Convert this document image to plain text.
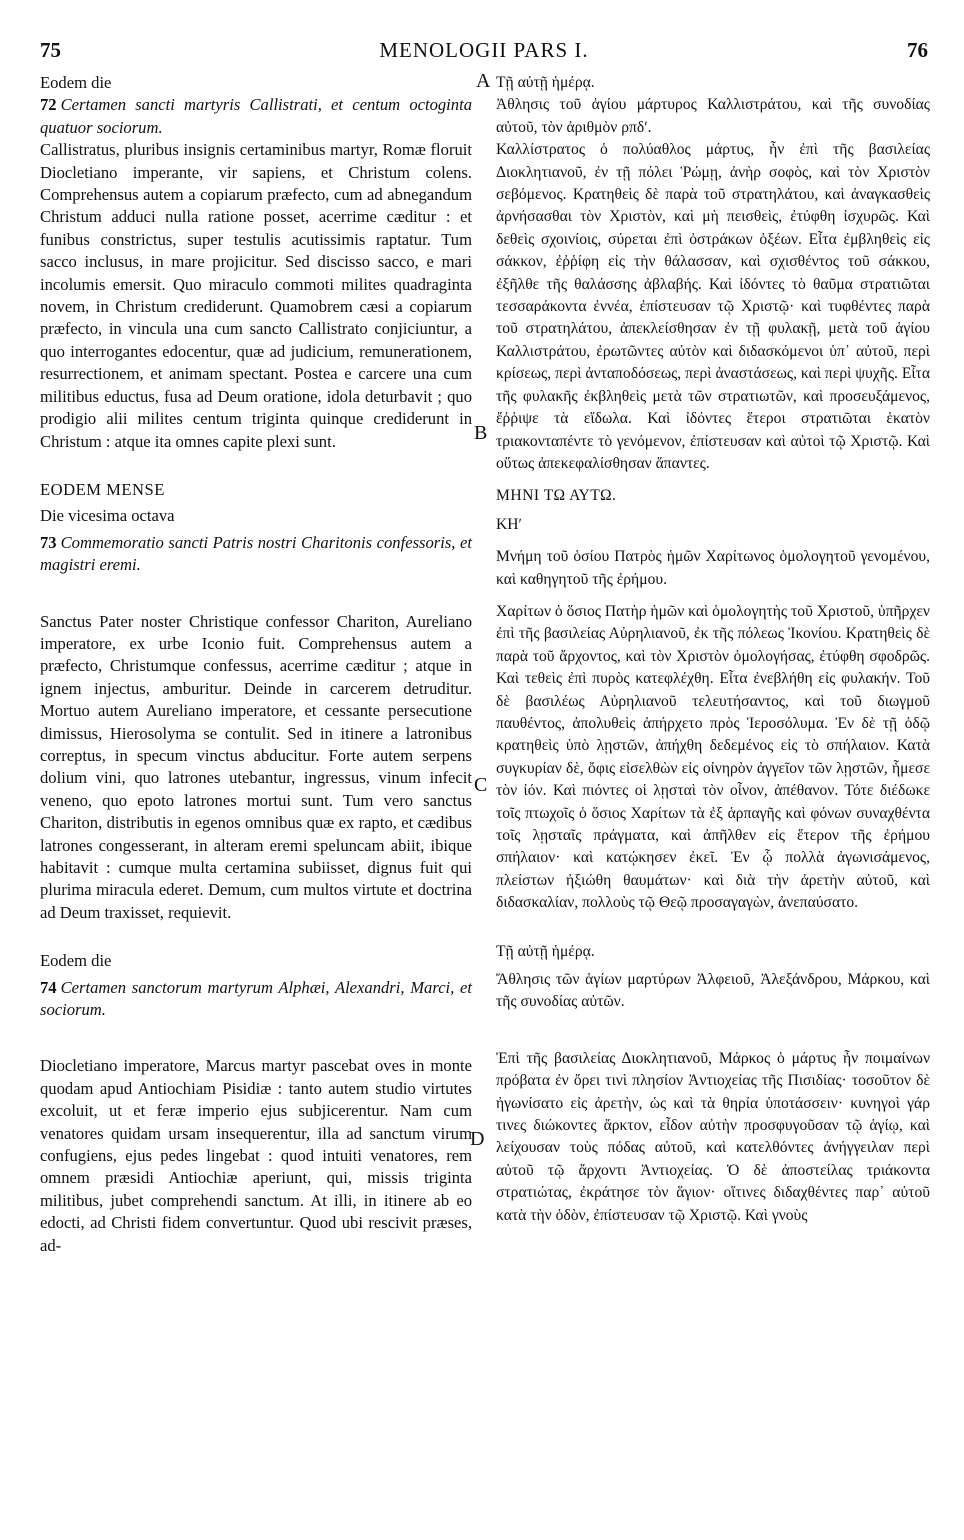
75	MENOLOGII PARS I.	76
A
B
C
D

Eodem die

72 Certamen sancti martyris Callistrati, et centum octoginta quatuor sociorum.

Callistratus, pluribus insignis certaminibus martyr, Romæ floruit Diocletiano imperante, vir sapiens, et Christum colens. Comprehensus autem a copiarum præfecto, cum ad abnegandum Christum adduci nulla ratione posset, acerrime cæditur : et funibus constrictus, super testulis acutissimis raptatur. Tum sacco inclusus, in mare projicitur. Sed discisso sacco, e mari incolumis emersit. Quo miraculo commoti milites quadraginta novem, in Christum crediderunt. Quamobrem cæsi a copiarum præfecto, in vincula una cum sancto Callistrato conjiciuntur, a quo interrogantes edocentur, quæ ad judicium, remunerationem, resurrectionem, et animam spectant. Postea e carcere una cum militibus eductus, fusa ad Deum oratione, idola deturbavit ; quo prodigio alii milites centum triginta quinque crediderunt in Christum : atque ita omnes capite plexi sunt.

EODEM MENSE

Die vicesima octava

73 Commemoratio sancti Patris nostri Charitonis confessoris, et magistri eremi.

Sanctus Pater noster Christique confessor Chariton, Aureliano imperatore, ex urbe Iconio fuit. Comprehensus autem a præfecto, Christumque confessus, acerrime cæditur ; atque in ignem injectus, amburitur. Deinde in carcerem detruditur. Mortuo autem Aureliano imperatore, et cessante persecutione dimissus, Hierosolyma se contulit. Sed in itinere a latronibus correptus, in specum vinctus abducitur. Forte autem serpens dolium vini, quo latrones utebantur, ingressus, vinum infecit veneno, quo epoto latrones mortui sunt. Tum vero sanctus Chariton, distributis in egenos omnibus quæ ex rapto, et cædibus latrones congesserant, in alteram eremi speluncam abiit, ibique habitavit : cumque multa certamina subiisset, dignus fuit qui plurima miracula ederet. Demum, cum multos virtute et doctrina ad Deum traxisset, requievit.

Eodem die

74 Certamen sanctorum martyrum Alphæi, Alexandri, Marci, et sociorum.

Diocletiano imperatore, Marcus martyr pascebat oves in monte quodam apud Antiochiam Pisidiæ : tanto autem studio virtutes excoluit, ut et feræ imperio ejus subjicerentur. Nam cum venatores quidam ursam insequerentur, illa ad sanctum virum confugiens, ejus pedes lingebat : quod intuiti venatores, rem omnem præsidi Antiochiæ aperiunt, qui, missis triginta militibus, jubet comprehendi sanctum. At illi, in itinere ab eo edocti, ad Christi fidem convertuntur. Quod ubi rescivit præses, ad-

Τῇ αὐτῇ ἡμέρᾳ.

Ἀθλησις τοῦ ἁγίου μάρτυρος Καλλιστράτου, καὶ τῆς συνοδίας αὐτοῦ, τὸν ἀριθμὸν ρπδʹ.

Καλλίστρατος ὁ πολύαθλος μάρτυς, ἦν ἐπὶ τῆς βασιλείας Διοκλητιανοῦ, ἐν τῇ πόλει Ῥώμῃ, ἀνὴρ σοφὸς, καὶ τὸν Χριστὸν σεβόμενος. Κρατηθεὶς δὲ παρὰ τοῦ στρατηλάτου, καὶ ἀναγκασθεὶς ἀρνήσασθαι τὸν Χριστὸν, καὶ μὴ πεισθεὶς, ἐτύφθη ἰσχυρῶς. Καὶ δεθεὶς σχοινίοις, σύρεται ἐπὶ ὀστράκων ὀξέων. Εἶτα ἐμβληθεὶς εἰς σάκκον, ἐῤῥίφη εἰς τὴν θάλασσαν, καὶ σχισθέντος τοῦ σάκκου, ἐξῆλθε τῆς θαλάσσης ἀβλαβής. Καὶ ἰδόντες τὸ θαῦμα στρατιῶται τεσσαράκοντα ἐννέα, ἐπίστευσαν τῷ Χριστῷ· καὶ τυφθέντες παρὰ τοῦ στρατηλάτου, ἀπεκλείσθησαν ἐν τῇ φυλακῇ, μετὰ τοῦ ἁγίου Καλλιστράτου, ἐρωτῶντες αὐτὸν καὶ διδασκόμενοι ὑπ᾽ αὐτοῦ, περὶ κρίσεως, περὶ ἀνταποδόσεως, περὶ ἀναστάσεως, καὶ περὶ ψυχῆς. Εἶτα τῆς φυλακῆς ἐκβληθεὶς μετὰ τῶν στρατιωτῶν, καὶ προσευξάμενος, ἔῤῥιψε τὰ εἴδωλα. Καὶ ἰδόντες ἕτεροι στρατιῶται ἑκατὸν τριακονταπέντε τὸ γενόμενον, ἐπίστευσαν καὶ αὐτοὶ τῷ Χριστῷ. Καὶ οὕτως ἀπεκεφαλίσθησαν ἅπαντες.

ΜΗΝΙ ΤΩ ΑΥΤΩ.

ΚΗʹ

Μνήμη τοῦ ὁσίου Πατρὸς ἡμῶν Χαρίτωνος ὁμολογητοῦ γενομένου, καὶ καθηγητοῦ τῆς ἐρήμου.

Χαρίτων ὁ ὅσιος Πατὴρ ἡμῶν καὶ ὁμολογητὴς τοῦ Χριστοῦ, ὑπῆρχεν ἐπὶ τῆς βασιλείας Αὐρηλιανοῦ, ἐκ τῆς πόλεως Ἰκονίου. Κρατηθεὶς δὲ παρὰ τοῦ ἄρχοντος, καὶ τὸν Χριστὸν ὁμολογήσας, ἐτύφθη σφοδρῶς. Καὶ τεθεὶς ἐπὶ πυρὸς κατεφλέχθη. Εἶτα ἐνεβλήθη εἰς φυλακήν. Τοῦ δὲ βασιλέως Αὐρηλιανοῦ τελευτήσαντος, καὶ τοῦ διωγμοῦ παυθέντος, ἀπολυθεὶς ἀπήρχετο πρὸς Ἱεροσόλυμα. Ἐν δὲ τῇ ὁδῷ κρατηθεὶς ὑπὸ λῃστῶν, ἀπήχθη δεδεμένος εἰς τὸ σπήλαιον. Κατὰ συγκυρίαν δὲ, ὄφις εἰσελθὼν εἰς οἰνηρὸν ἀγγεῖον τῶν λῃστῶν, ἧμεσε τὸν ἰόν. Καὶ πιόντες οἱ λῃσταὶ τὸν οἶνον, ἀπέθανον. Τότε διέδωκε τοῖς πτωχοῖς ὁ ὅσιος Χαρίτων τὰ ἐξ ἁρπαγῆς καὶ φόνων συναχθέντα τοῖς λῃσταῖς πράγματα, καὶ ἀπῆλθεν εἰς ἕτερον τῆς ἐρήμου σπήλαιον· καὶ κατῴκησεν ἐκεῖ. Ἐν ᾧ πολλὰ ἀγωνισάμενος, πλείστων ἠξιώθη θαυμάτων· καὶ διὰ τὴν ἀρετὴν αὐτοῦ, καὶ διδασκαλίαν, πολλοὺς τῷ Θεῷ προσαγαγὼν, ἀνεπαύσατο.

Τῇ αὐτῇ ἡμέρᾳ.

Ἄθλησις τῶν ἁγίων μαρτύρων Ἀλφειοῦ, Ἀλεξάνδρου, Μάρκου, καὶ τῆς συνοδίας αὐτῶν.

Ἐπὶ τῆς βασιλείας Διοκλητιανοῦ, Μάρκος ὁ μάρτυς ἦν ποιμαίνων πρόβατα ἐν ὄρει τινὶ πλησίον Ἀντιοχείας τῆς Πισιδίας· τοσοῦτον δὲ ἠγωνίσατο εἰς ἀρετὴν, ὡς καὶ τὰ θηρία ὑποτάσσειν· κυνηγοὶ γάρ τινες διώκοντες ἄρκτον, εἶδον αὐτὴν προσφυγοῦσαν τῷ ἁγίῳ, καὶ λείχουσαν τοὺς πόδας αὐτοῦ, καὶ κατελθόντες ἀνήγγειλαν περὶ αὐτοῦ τῷ ἄρχοντι Ἀντιοχείας. Ὁ δὲ ἀποστείλας τριάκοντα στρατιώτας, ἐκράτησε τὸν ἅγιον· οἵτινες διδαχθέντες παρ᾽ αὐτοῦ κατὰ τὴν ὁδὸν, ἐπίστευσαν τῷ Χριστῷ. Καὶ γνοὺς
